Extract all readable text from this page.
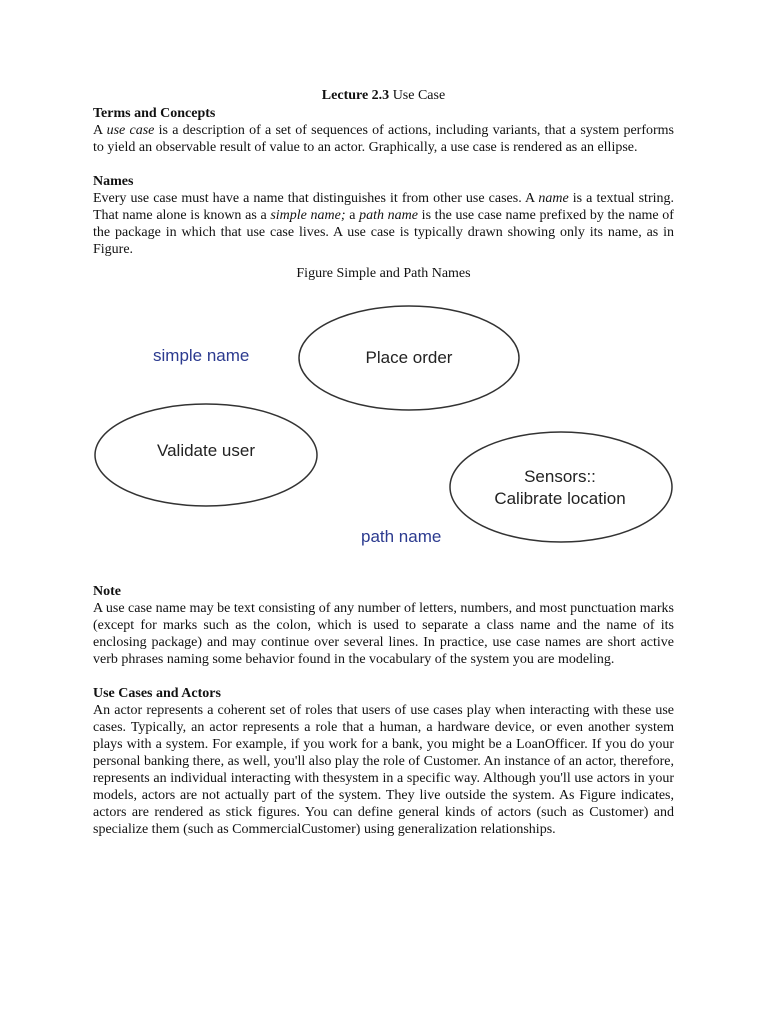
Lecture 2.3 Use Case
Terms and Concepts

A use case is a description of a set of sequences of actions, including variants, that a system performs to yield an observable result of value to an actor. Graphically, a use case is rendered as an ellipse.

Names

Every use case must have a name that distinguishes it from other use cases. A name is a textual string. That name alone is known as a simple name; a path name is the use case name prefixed by the name of the package in which that use case lives. A use case is typically drawn showing only its name, as in Figure.

Figure Simple and Path Names
simple name
path name
Place order
Validate user
Sensors::
Calibrate location
Note

A use case name may be text consisting of any number of letters, numbers, and most punctuation marks (except for marks such as the colon, which is used to separate a class name and the name of its enclosing package) and may continue over several lines. In practice, use case names are short active verb phrases naming some behavior found in the vocabulary of the system you are modeling.

Use Cases and Actors

An actor represents a coherent set of roles that users of use cases play when interacting with these use cases. Typically, an actor represents a role that a human, a hardware device, or even another system plays with a system. For example, if you work for a bank, you might be a LoanOfficer. If you do your personal banking there, as well, you'll also play the role of Customer. An instance of an actor, therefore, represents an individual interacting with thesystem in a specific way. Although you'll use actors in your models, actors are not actually part of the system. They live outside the system. As Figure indicates, actors are rendered as stick figures. You can define general kinds of actors (such as Customer) and specialize them (such as CommercialCustomer) using generalization relationships.
